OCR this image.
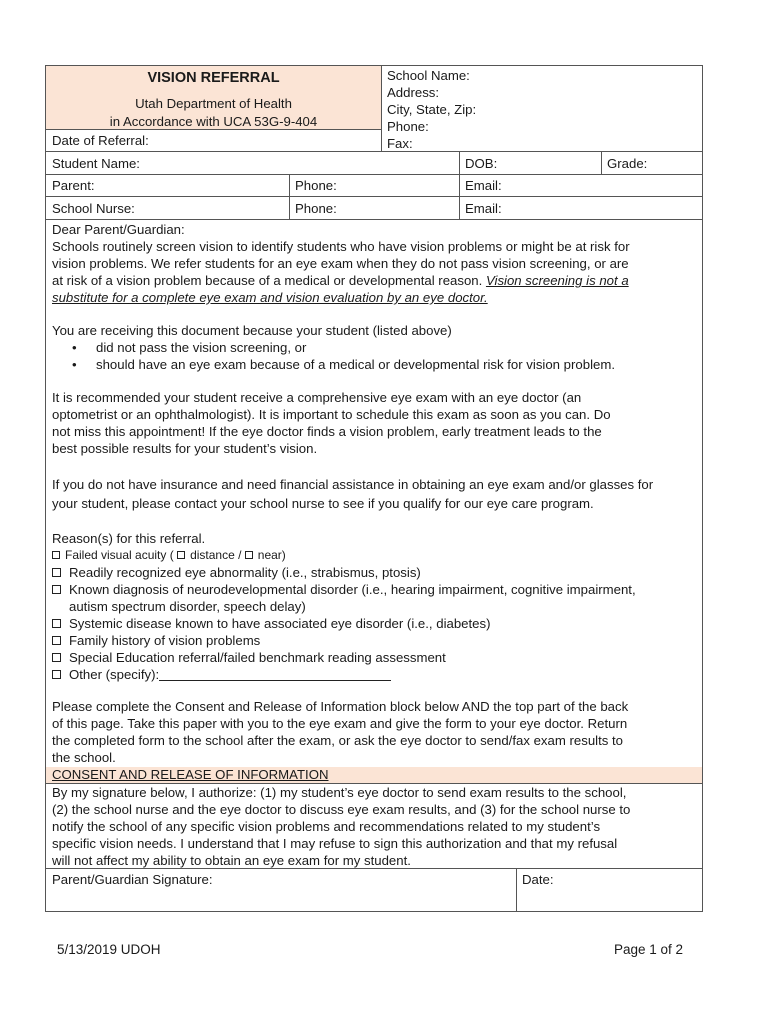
VISION REFERRAL
Utah Department of Health
in Accordance with UCA 53G-9-404
Date of Referral:
School Name:
Address:
City, State, Zip:
Phone:
Fax:
Student Name:	DOB:	Grade:
Parent:	Phone:	Email:
School Nurse:	Phone:	Email:
Dear Parent/Guardian:
Schools routinely screen vision to identify students who have vision problems or might be at risk for
vision problems. We refer students for an eye exam when they do not pass vision screening, or are
at risk of a vision problem because of a medical or developmental reason. Vision screening is not a
substitute for a complete eye exam and vision evaluation by an eye doctor.
You are receiving this document because your student (listed above)
• did not pass the vision screening, or
• should have an eye exam because of a medical or developmental risk for vision problem.
It is recommended your student receive a comprehensive eye exam with an eye doctor (an
optometrist or an ophthalmologist). It is important to schedule this exam as soon as you can. Do
not miss this appointment! If the eye doctor finds a vision problem, early treatment leads to the
best possible results for your student’s vision.
If you do not have insurance and need financial assistance in obtaining an eye exam and/or glasses for
your student, please contact your school nurse to see if you qualify for our eye care program.
Reason(s) for this referral.
Failed visual acuity ( distance / near)
Readily recognized eye abnormality (i.e., strabismus, ptosis)
Known diagnosis of neurodevelopmental disorder (i.e., hearing impairment, cognitive impairment,
autism spectrum disorder, speech delay)
Systemic disease known to have associated eye disorder (i.e., diabetes)
Family history of vision problems
Special Education referral/failed benchmark reading assessment
Other (specify):
Please complete the Consent and Release of Information block below AND the top part of the back
of this page. Take this paper with you to the eye exam and give the form to your eye doctor. Return
the completed form to the school after the exam, or ask the eye doctor to send/fax exam results to
the school.
CONSENT AND RELEASE OF INFORMATION
By my signature below, I authorize: (1) my student’s eye doctor to send exam results to the school,
(2) the school nurse and the eye doctor to discuss eye exam results, and (3) for the school nurse to
notify the school of any specific vision problems and recommendations related to my student’s
specific vision needs. I understand that I may refuse to sign this authorization and that my refusal
will not affect my ability to obtain an eye exam for my student.
Parent/Guardian Signature:	Date:
5/13/2019 UDOH	Page 1 of 2
